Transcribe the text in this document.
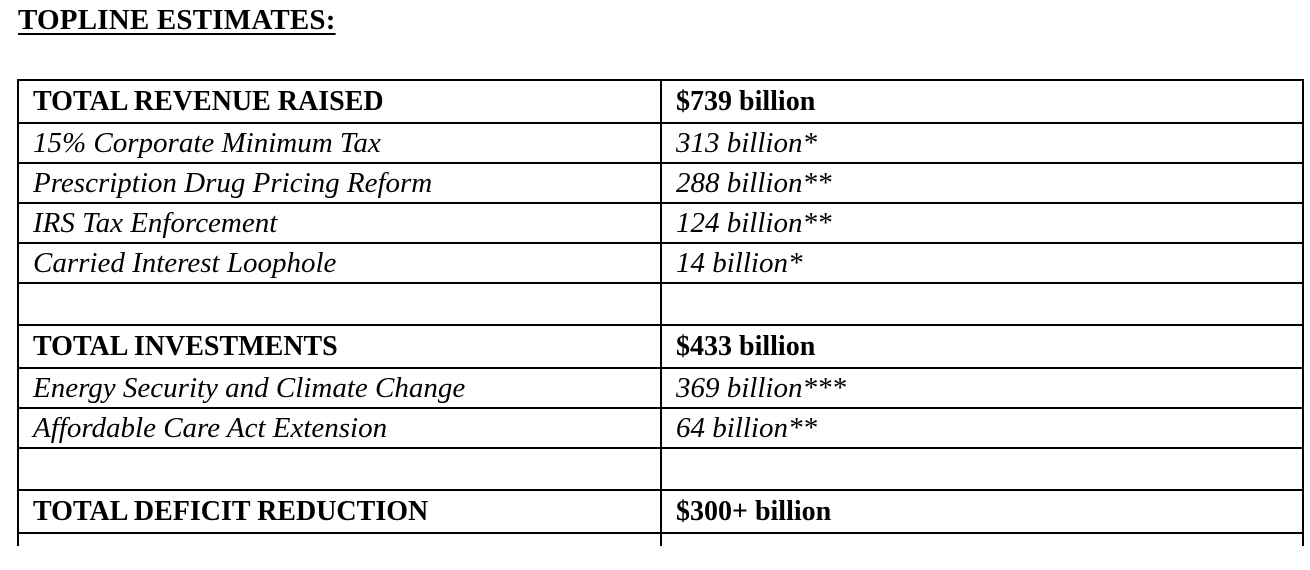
TOPLINE ESTIMATES:
TOTAL REVENUE RAISED	$739 billion
15% Corporate Minimum Tax	313 billion*
Prescription Drug Pricing Reform	288 billion**
IRS Tax Enforcement	124 billion**
Carried Interest Loophole	14 billion*

TOTAL INVESTMENTS	$433 billion
Energy Security and Climate Change	369 billion***
Affordable Care Act Extension	64 billion**

TOTAL DEFICIT REDUCTION	$300+ billion
